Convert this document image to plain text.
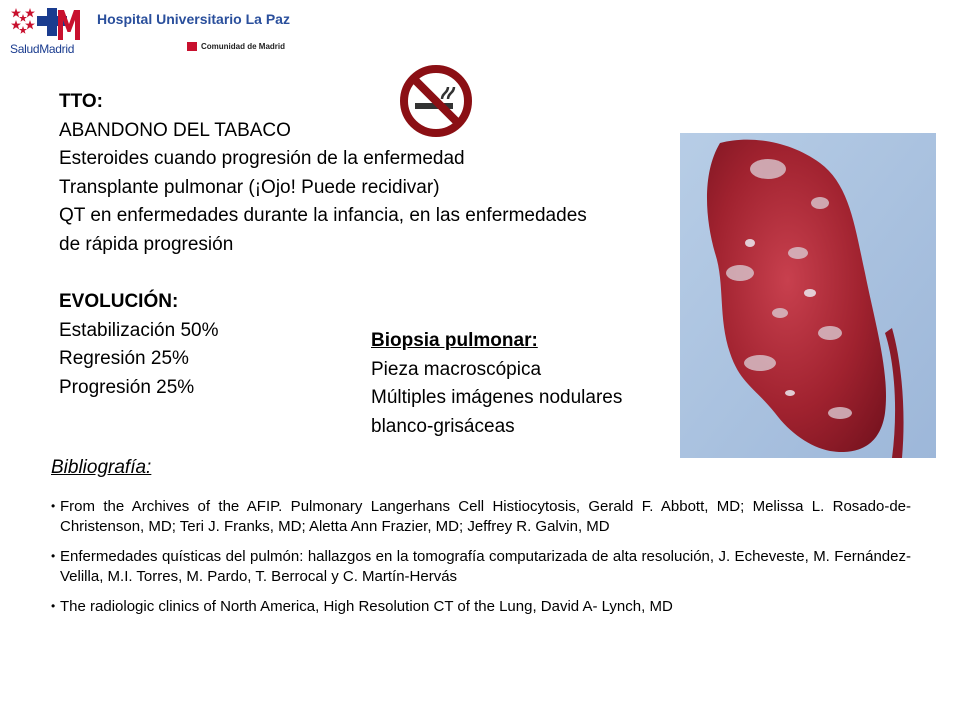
SaludMadrid
Hospital Universitario La Paz
Comunidad de Madrid
TTO:
ABANDONO DEL TABACO
Esteroides cuando progresión de la enfermedad
Transplante pulmonar (¡Ojo! Puede recidivar)
QT en enfermedades durante la infancia, en las enfermedades
de rápida progresión
EVOLUCIÓN:
Estabilización 50%
Regresión 25%
Progresión 25%
Biopsia pulmonar:
Pieza macroscópica
Múltiples imágenes nodulares
blanco-grisáceas
Bibliografía:
• From the Archives of the AFIP. Pulmonary Langerhans Cell Histiocytosis, Gerald F. Abbott, MD; Melissa L. Rosado-de-Christenson, MD; Teri J. Franks, MD; Aletta Ann Frazier, MD; Jeffrey R. Galvin, MD
• Enfermedades quísticas del pulmón: hallazgos en la tomografía computarizada de alta resolución, J. Echeveste, M. Fernández-Velilla, M.I. Torres, M. Pardo, T. Berrocal y C. Martín-Hervás
• The radiologic clinics of North America, High Resolution CT of the Lung, David A- Lynch, MD
